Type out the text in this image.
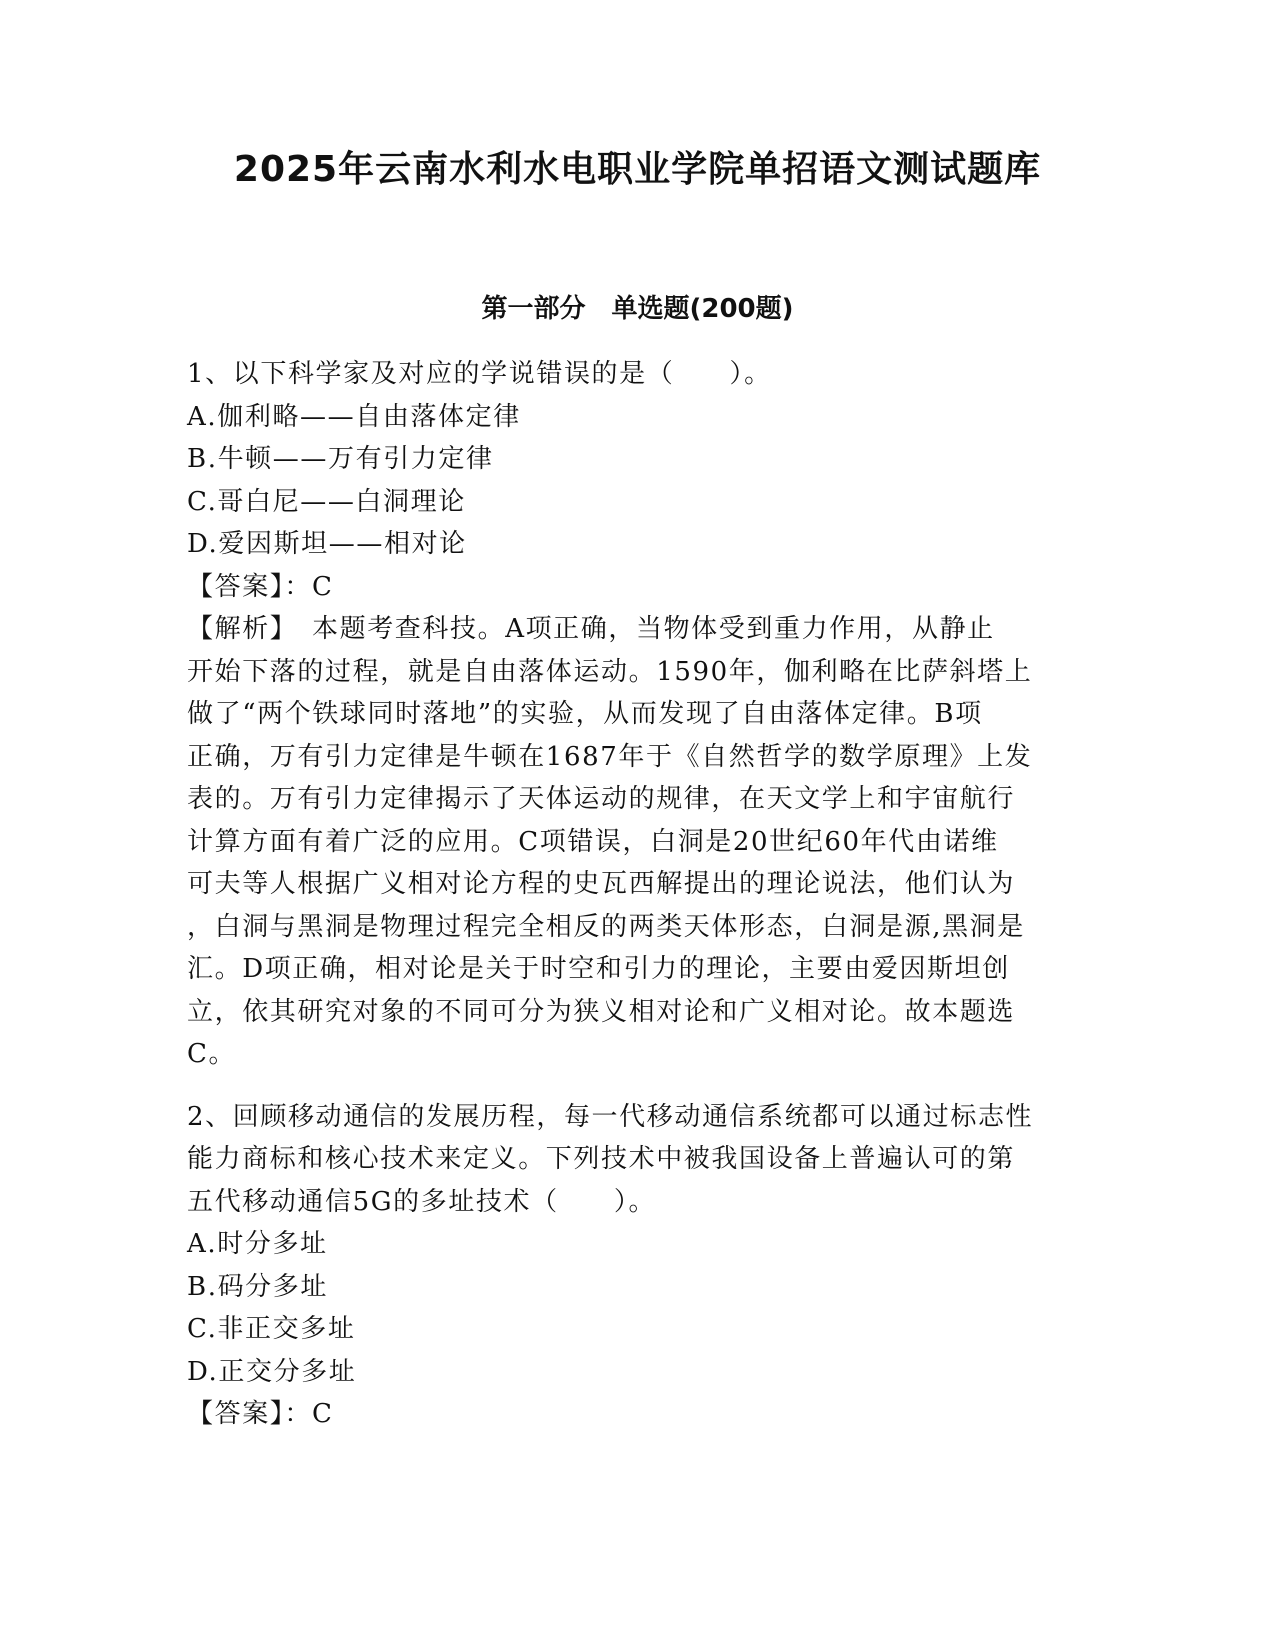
2025年云南水利水电职业学院单招语文测试题库
第一部分　单选题(200题)
1、以下科学家及对应的学说错误的是（　　）。
A.伽利略——自由落体定律
B.牛顿——万有引力定律
C.哥白尼——白洞理论
D.爱因斯坦——相对论
【答案】：C
【解析】　本题考查科技。A项正确，当物体受到重力作用，从静止
开始下落的过程，就是自由落体运动。1590年，伽利略在比萨斜塔上
做了“两个铁球同时落地”的实验，从而发现了自由落体定律。B项
正确，万有引力定律是牛顿在1687年于《自然哲学的数学原理》上发
表的。万有引力定律揭示了天体运动的规律，在天文学上和宇宙航行
计算方面有着广泛的应用。C项错误，白洞是20世纪60年代由诺维
可夫等人根据广义相对论方程的史瓦西解提出的理论说法，他们认为
，白洞与黑洞是物理过程完全相反的两类天体形态，白洞是源,黑洞是
汇。D项正确，相对论是关于时空和引力的理论，主要由爱因斯坦创
立，依其研究对象的不同可分为狭义相对论和广义相对论。故本题选
C。
2、回顾移动通信的发展历程，每一代移动通信系统都可以通过标志性
能力商标和核心技术来定义。下列技术中被我国设备上普遍认可的第
五代移动通信5G的多址技术（　　）。
A.时分多址
B.码分多址
C.非正交多址
D.正交分多址
【答案】：C
